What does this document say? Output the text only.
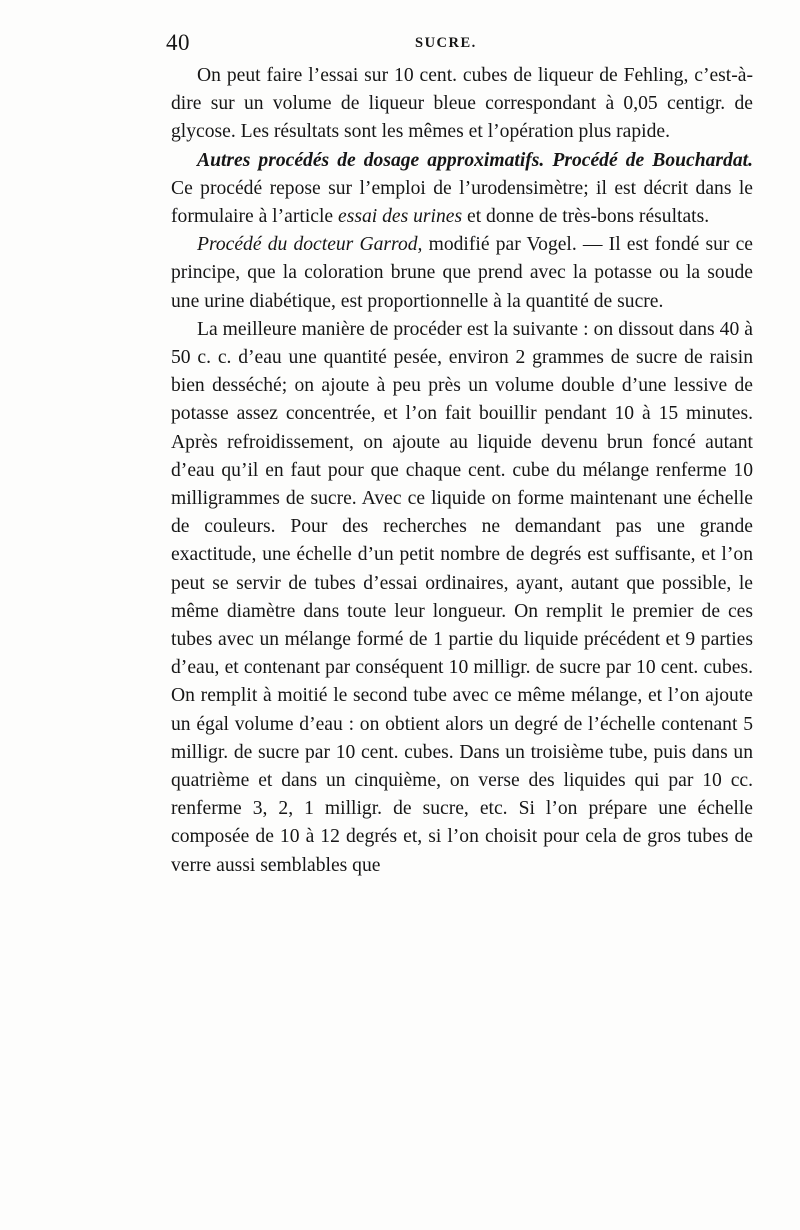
40	SUCRE.

On peut faire l’essai sur 10 cent. cubes de liqueur de Fehling, c’est-à-dire sur un volume de liqueur bleue correspondant à 0,05 centigr. de glycose. Les résultats sont les mêmes et l’opération plus rapide.

Autres procédés de dosage approximatifs. Procédé de Bouchardat. Ce procédé repose sur l’emploi de l’urodensimètre; il est décrit dans le formulaire à l’article essai des urines et donne de très-bons résultats.

Procédé du docteur Garrod, modifié par Vogel. — Il est fondé sur ce principe, que la coloration brune que prend avec la potasse ou la soude une urine diabétique, est proportionnelle à la quantité de sucre.

La meilleure manière de procéder est la suivante : on dissout dans 40 à 50 c. c. d’eau une quantité pesée, environ 2 grammes de sucre de raisin bien desséché; on ajoute à peu près un volume double d’une lessive de potasse assez concentrée, et l’on fait bouillir pendant 10 à 15 minutes. Après refroidissement, on ajoute au liquide devenu brun foncé autant d’eau qu’il en faut pour que chaque cent. cube du mélange renferme 10 milligrammes de sucre. Avec ce liquide on forme maintenant une échelle de couleurs. Pour des recherches ne demandant pas une grande exactitude, une échelle d’un petit nombre de degrés est suffisante, et l’on peut se servir de tubes d’essai ordinaires, ayant, autant que possible, le même diamètre dans toute leur longueur. On remplit le premier de ces tubes avec un mélange formé de 1 partie du liquide précédent et 9 parties d’eau, et contenant par conséquent 10 milligr. de sucre par 10 cent. cubes. On remplit à moitié le second tube avec ce même mélange, et l’on ajoute un égal volume d’eau : on obtient alors un degré de l’échelle contenant 5 milligr. de sucre par 10 cent. cubes. Dans un troisième tube, puis dans un quatrième et dans un cinquième, on verse des liquides qui par 10 cc. renferme 3, 2, 1 milligr. de sucre, etc. Si l’on prépare une échelle composée de 10 à 12 degrés et, si l’on choisit pour cela de gros tubes de verre aussi semblables que
